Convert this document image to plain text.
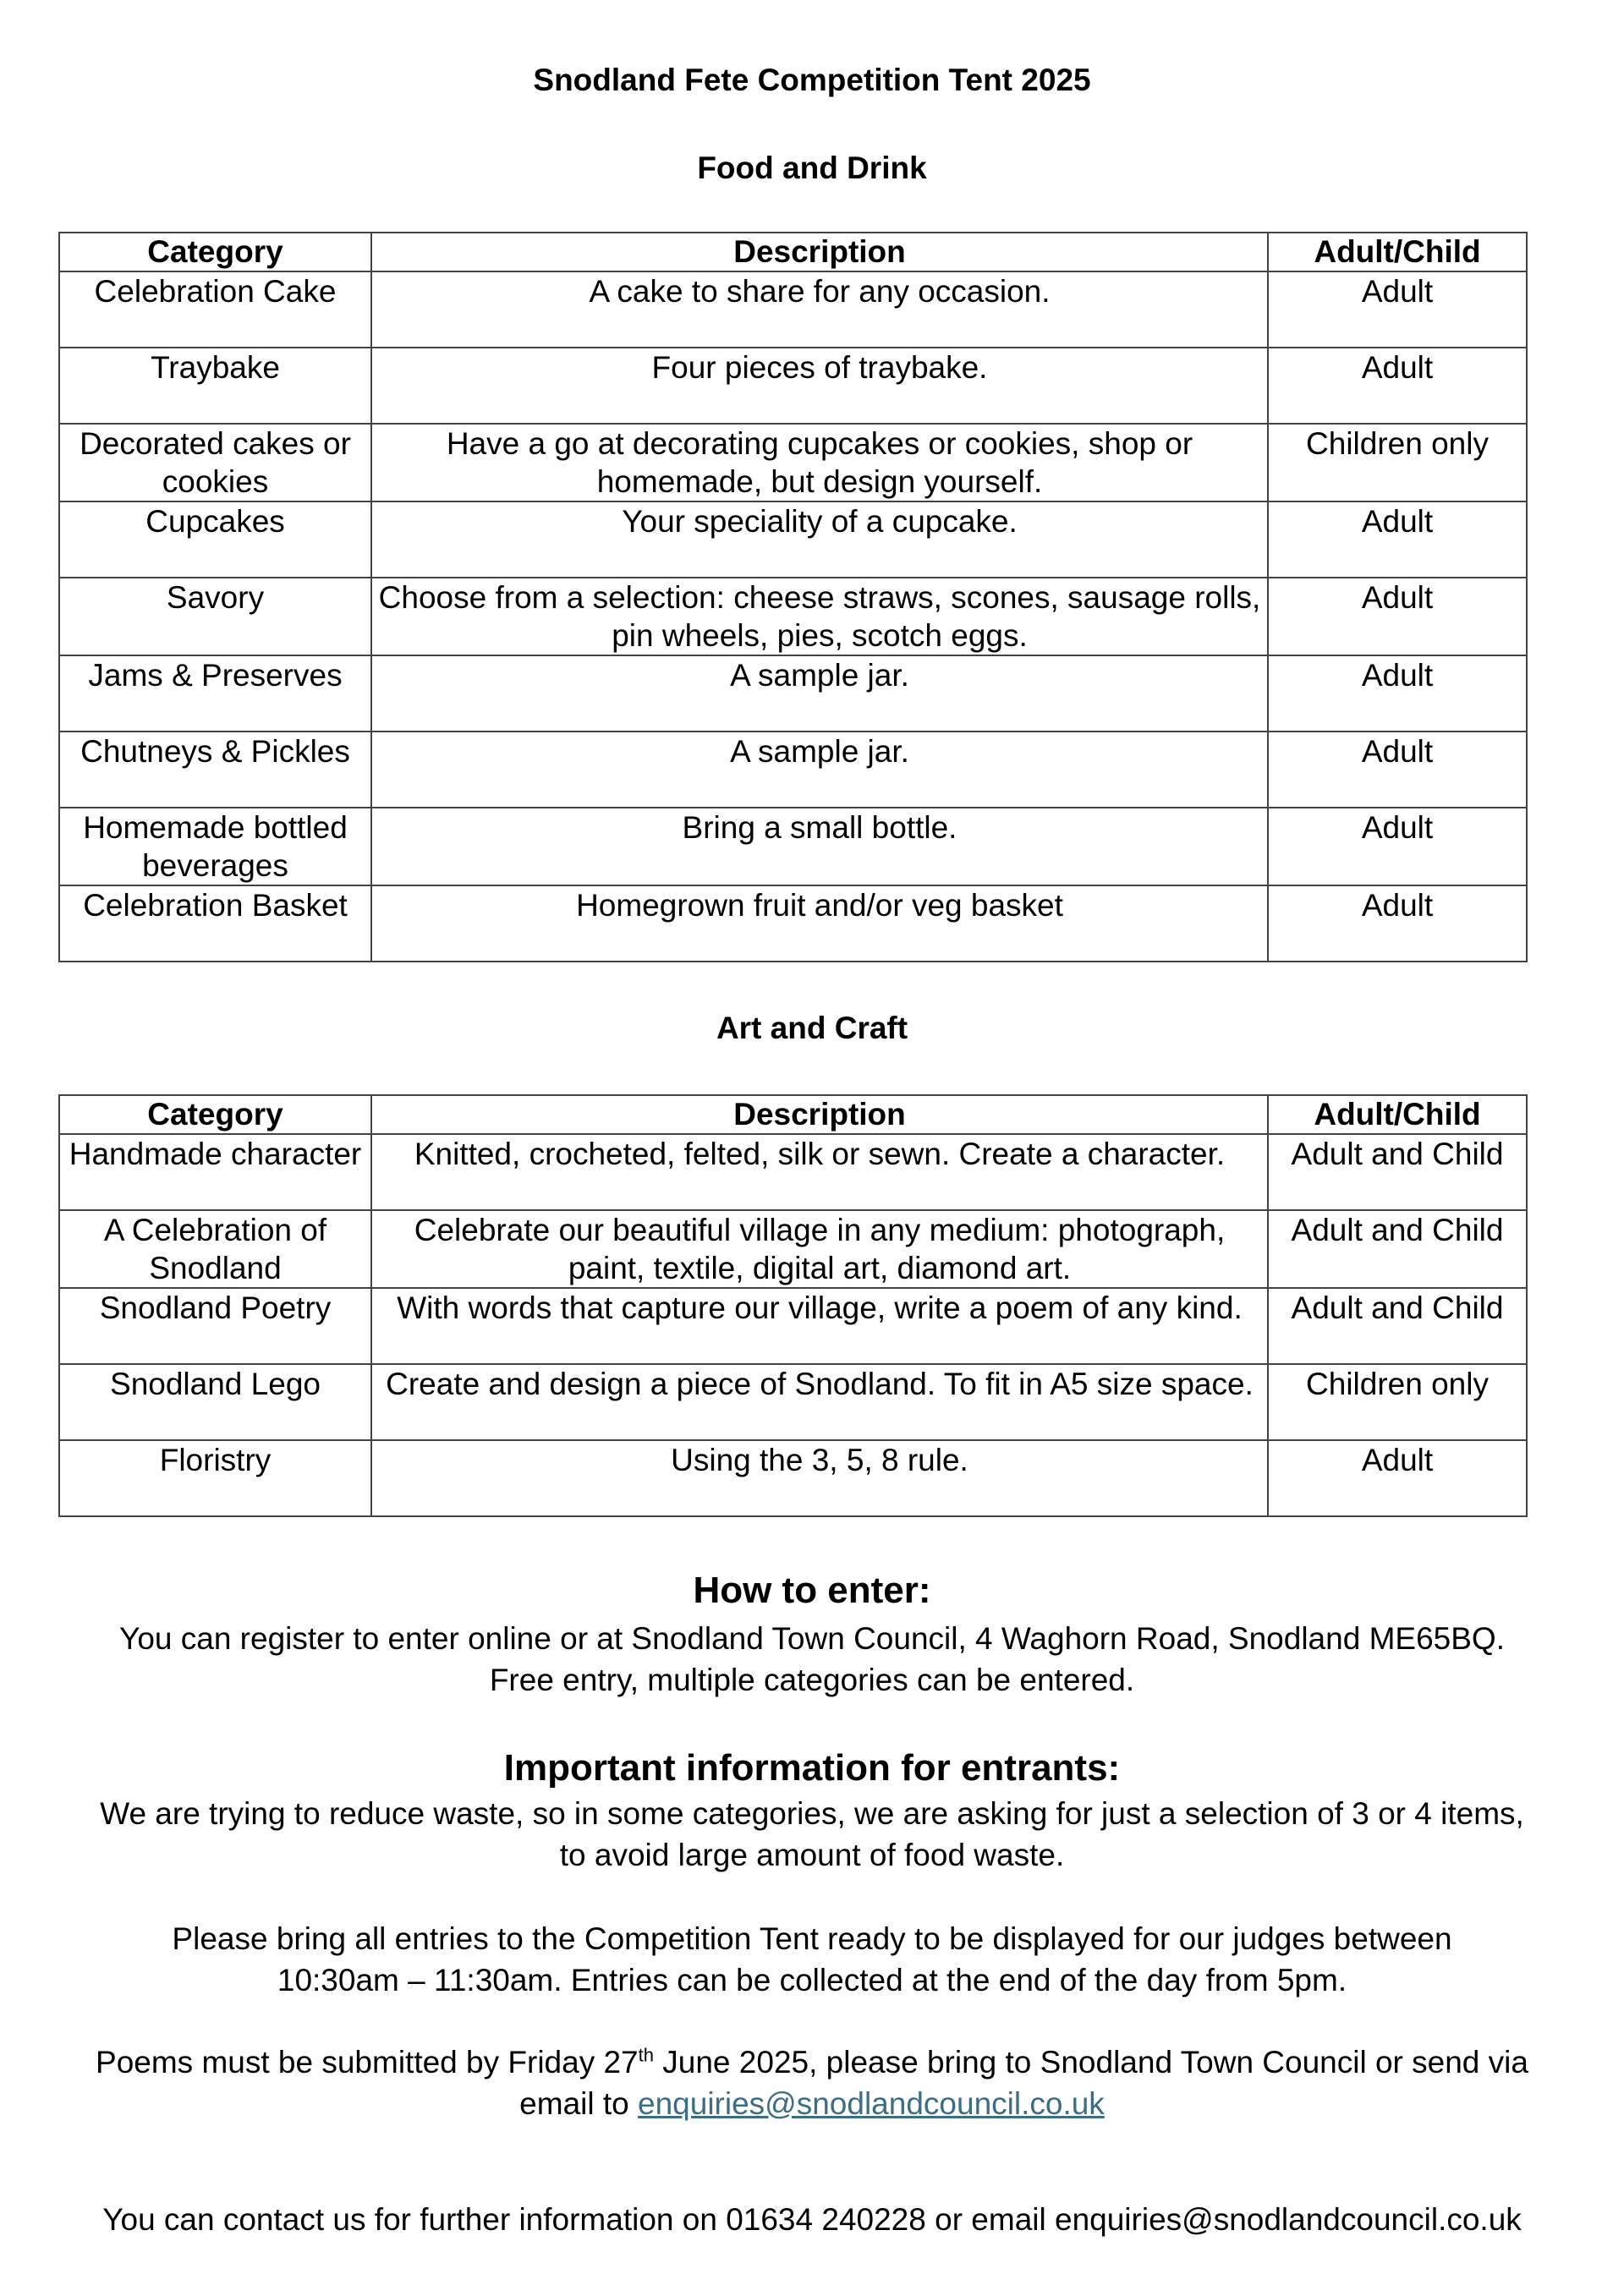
Snodland Fete Competition Tent 2025
Food and Drink
Category	Description	Adult/Child
Celebration Cake	A cake to share for any occasion.	Adult
Traybake	Four pieces of traybake.	Adult
Decorated cakes or cookies	Have a go at decorating cupcakes or cookies, shop or homemade, but design yourself.	Children only
Cupcakes	Your speciality of a cupcake.	Adult
Savory	Choose from a selection: cheese straws, scones, sausage rolls, pin wheels, pies, scotch eggs.	Adult
Jams & Preserves	A sample jar.	Adult
Chutneys & Pickles	A sample jar.	Adult
Homemade bottled beverages	Bring a small bottle.	Adult
Celebration Basket	Homegrown fruit and/or veg basket	Adult
Art and Craft
Category	Description	Adult/Child
Handmade character	Knitted, crocheted, felted, silk or sewn. Create a character.	Adult and Child
A Celebration of Snodland	Celebrate our beautiful village in any medium: photograph, paint, textile, digital art, diamond art.	Adult and Child
Snodland Poetry	With words that capture our village, write a poem of any kind.	Adult and Child
Snodland Lego	Create and design a piece of Snodland. To fit in A5 size space.	Children only
Floristry	Using the 3, 5, 8 rule.	Adult
How to enter:

You can register to enter online or at Snodland Town Council, 4 Waghorn Road, Snodland ME65BQ.
Free entry, multiple categories can be entered.

Important information for entrants:

We are trying to reduce waste, so in some categories, we are asking for just a selection of 3 or 4 items,
to avoid large amount of food waste.

Please bring all entries to the Competition Tent ready to be displayed for our judges between
10:30am – 11:30am. Entries can be collected at the end of the day from 5pm.

Poems must be submitted by Friday 27th June 2025, please bring to Snodland Town Council or send via
email to enquiries@snodlandcouncil.co.uk

You can contact us for further information on 01634 240228 or email enquiries@snodlandcouncil.co.uk
